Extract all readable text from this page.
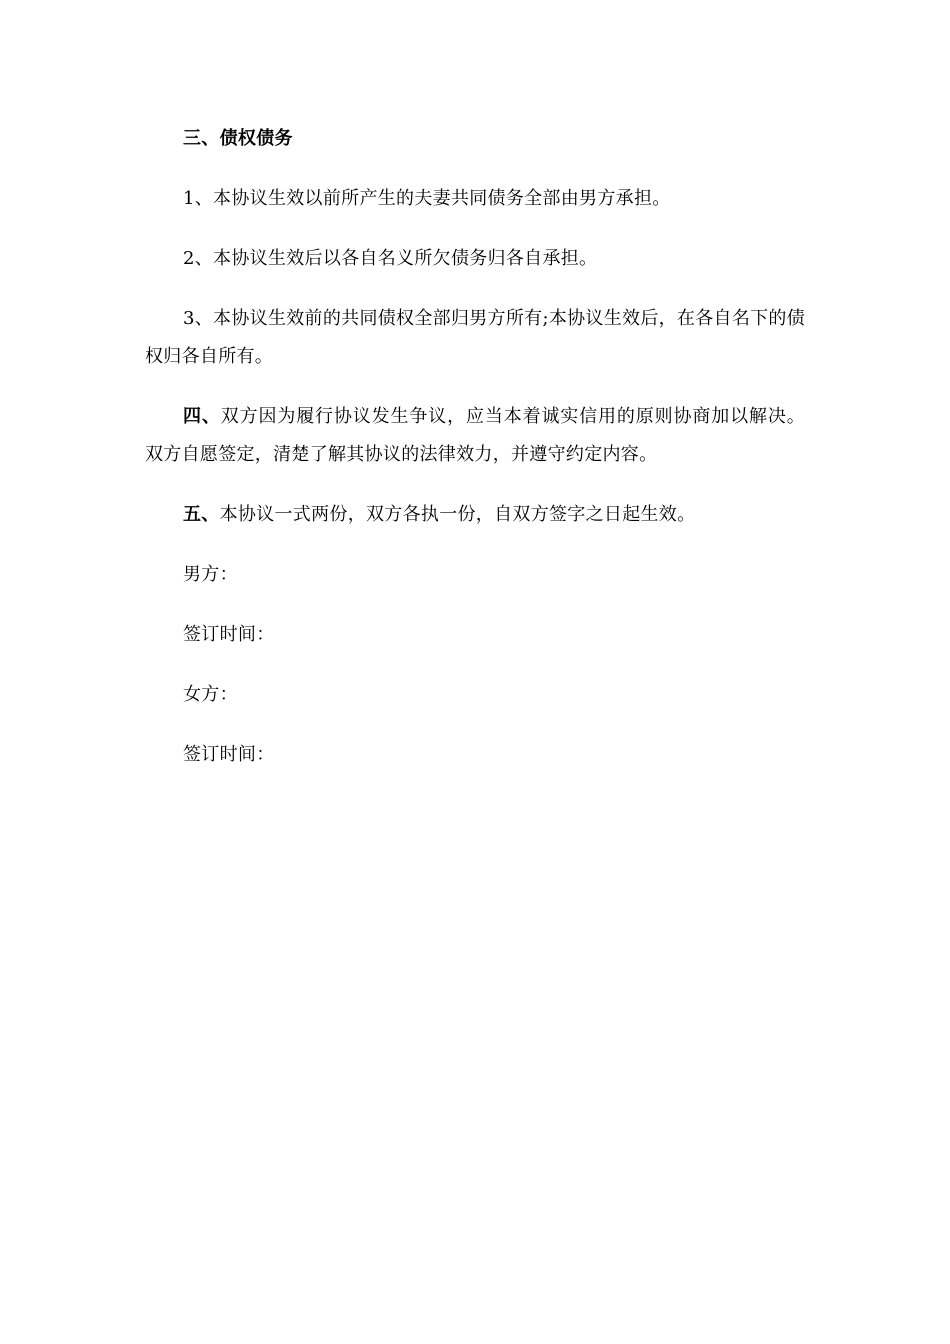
三、债权债务

1、本协议生效以前所产生的夫妻共同债务全部由男方承担。

2、本协议生效后以各自名义所欠债务归各自承担。

3、本协议生效前的共同债权全部归男方所有;本协议生效后，在各自名下的债权归各自所有。

四、双方因为履行协议发生争议，应当本着诚实信用的原则协商加以解决。双方自愿签定，清楚了解其协议的法律效力，并遵守约定内容。

五、本协议一式两份，双方各执一份，自双方签字之日起生效。

男方：

签订时间：

女方：

签订时间：
